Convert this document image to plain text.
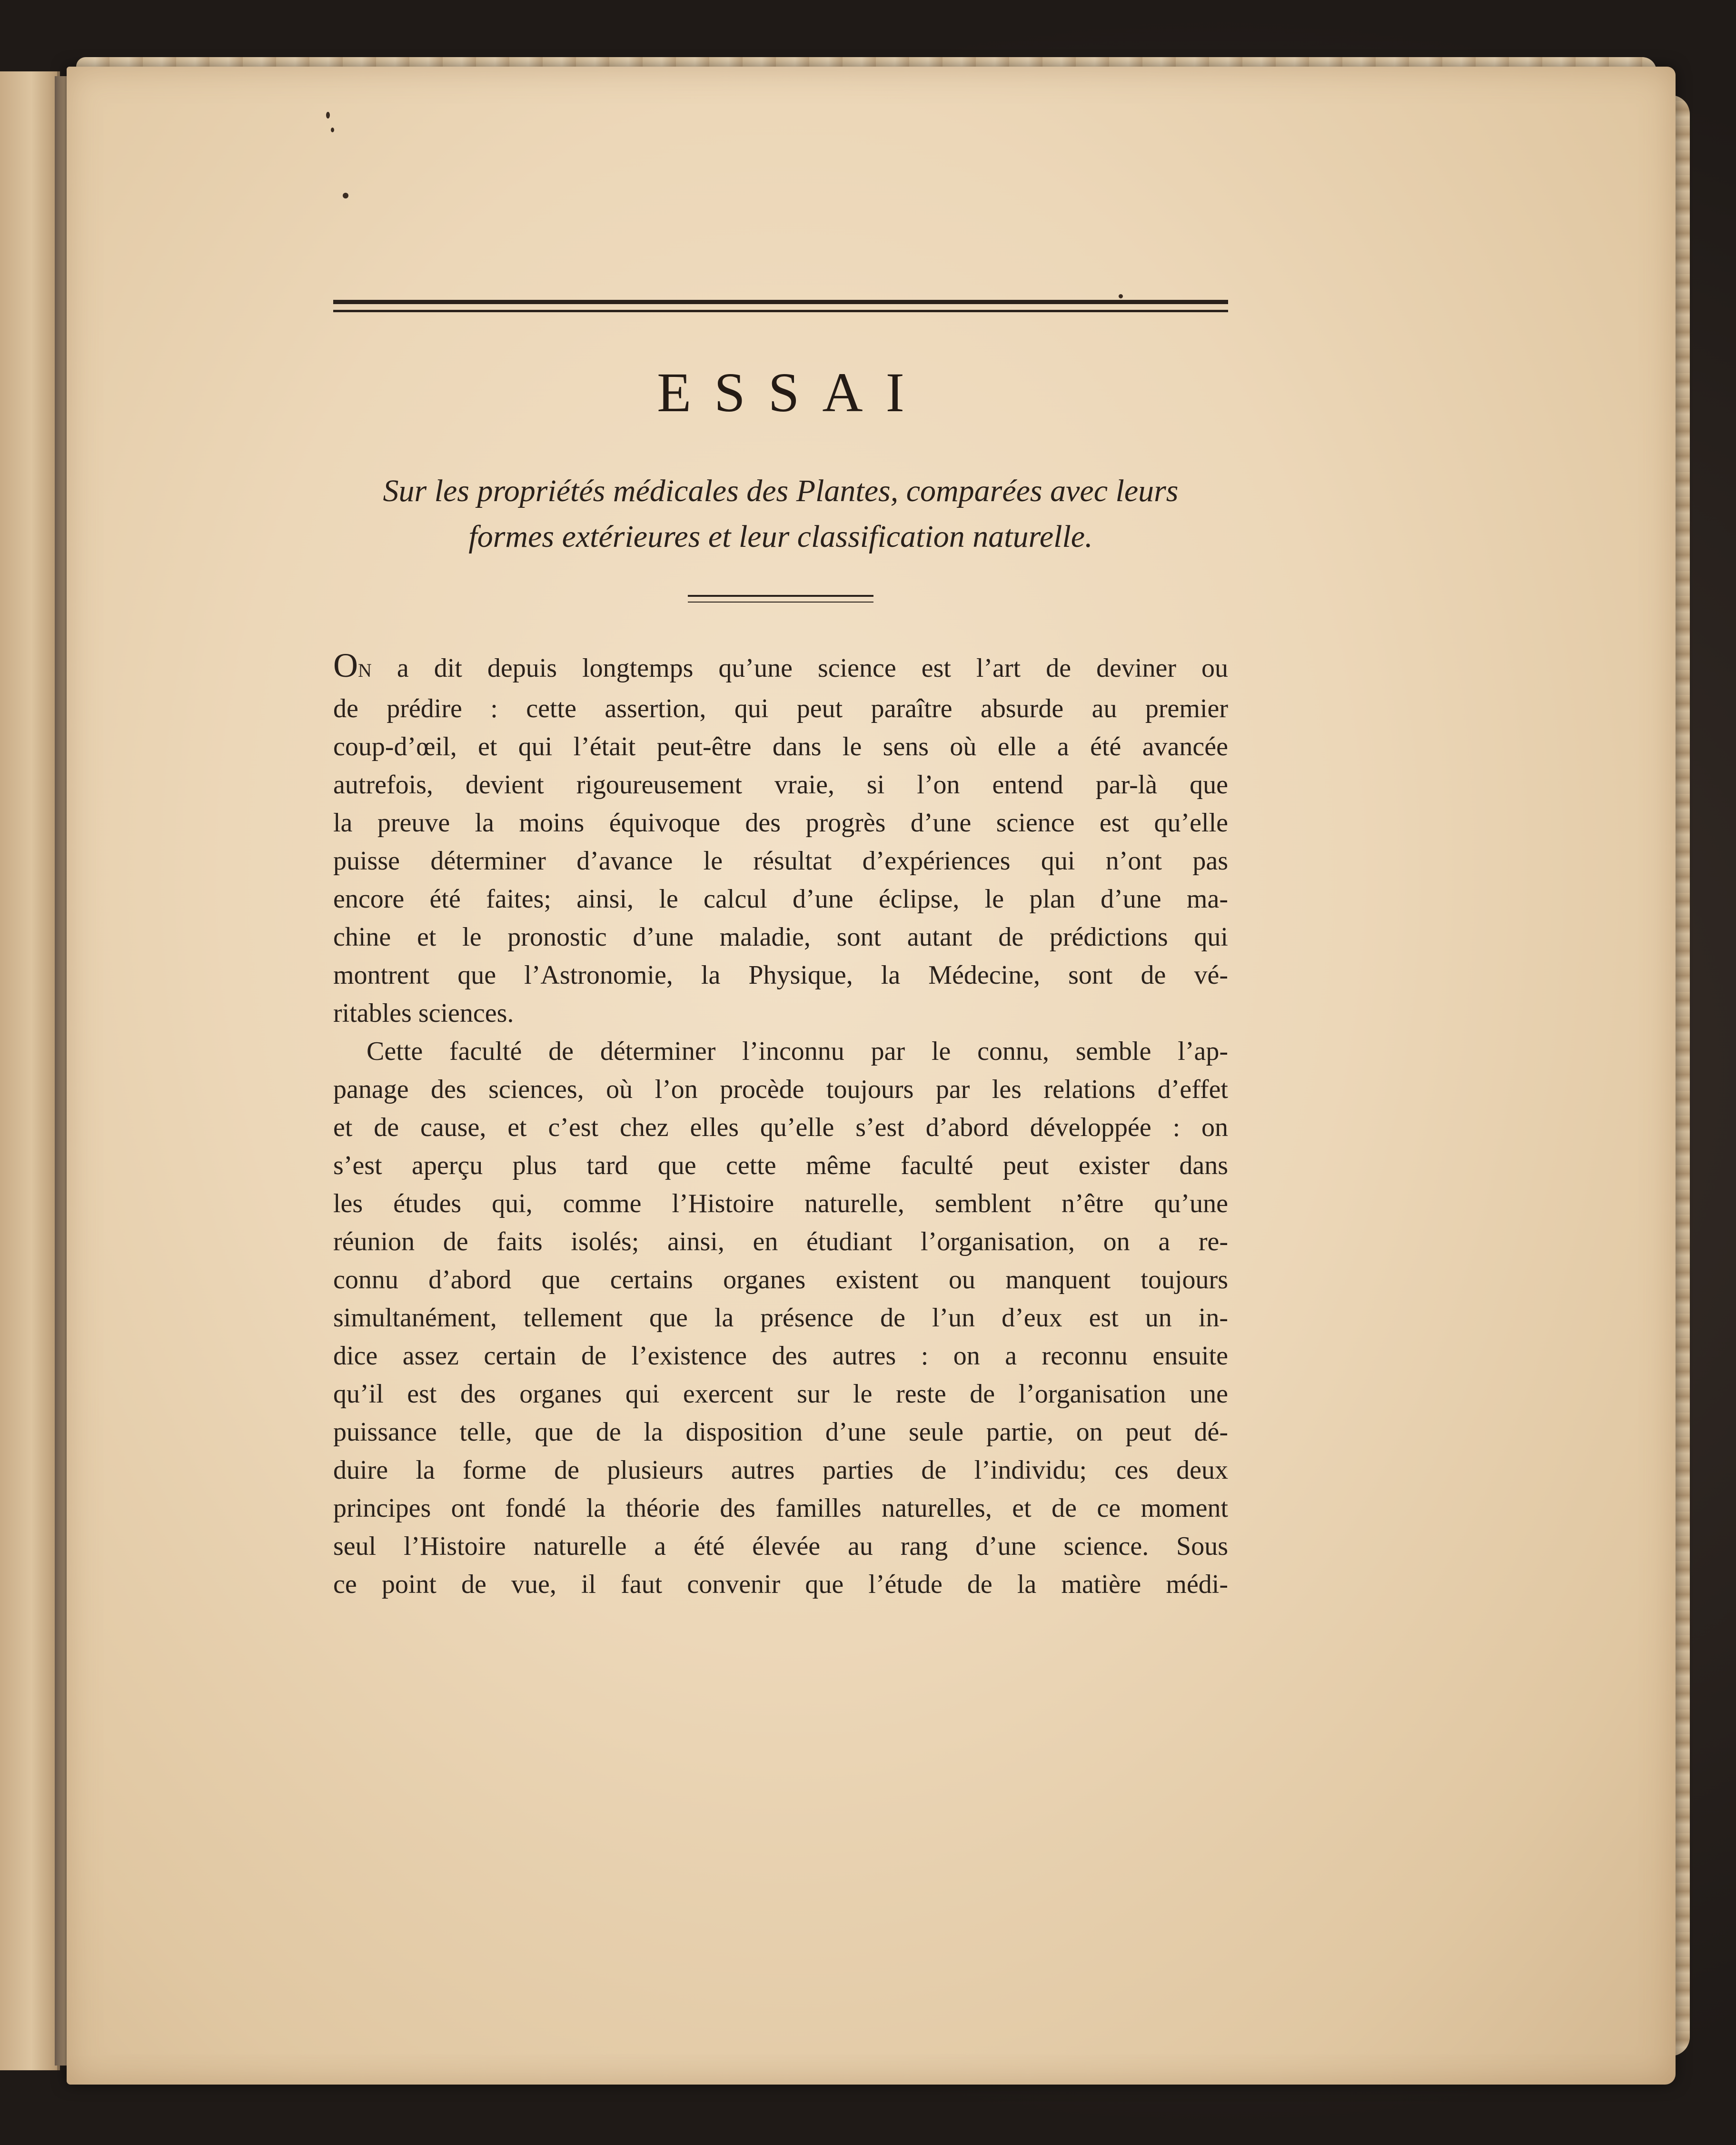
ESSAI
Sur les propriétés médicales des Plantes, comparées avec leurs
formes extérieures et leur classification naturelle.
ON a dit depuis longtemps qu’une science est l’art de deviner ou
de prédire : cette assertion, qui peut paraître absurde au premier
coup-d’œil, et qui l’était peut-être dans le sens où elle a été avancée
autrefois, devient rigoureusement vraie, si l’on entend par-là que
la preuve la moins équivoque des progrès d’une science est qu’elle
puisse déterminer d’avance le résultat d’expériences qui n’ont pas
encore été faites; ainsi, le calcul d’une éclipse, le plan d’une ma-
chine et le pronostic d’une maladie, sont autant de prédictions qui
montrent que l’Astronomie, la Physique, la Médecine, sont de vé-
ritables sciences.
Cette faculté de déterminer l’inconnu par le connu, semble l’ap-
panage des sciences, où l’on procède toujours par les relations d’effet
et de cause, et c’est chez elles qu’elle s’est d’abord développée : on
s’est aperçu plus tard que cette même faculté peut exister dans
les études qui, comme l’Histoire naturelle, semblent n’être qu’une
réunion de faits isolés; ainsi, en étudiant l’organisation, on a re-
connu d’abord que certains organes existent ou manquent toujours
simultanément, tellement que la présence de l’un d’eux est un in-
dice assez certain de l’existence des autres : on a reconnu ensuite
qu’il est des organes qui exercent sur le reste de l’organisation une
puissance telle, que de la disposition d’une seule partie, on peut dé-
duire la forme de plusieurs autres parties de l’individu; ces deux
principes ont fondé la théorie des familles naturelles, et de ce moment
seul l’Histoire naturelle a été élevée au rang d’une science. Sous
ce point de vue, il faut convenir que l’étude de la matière médi-
